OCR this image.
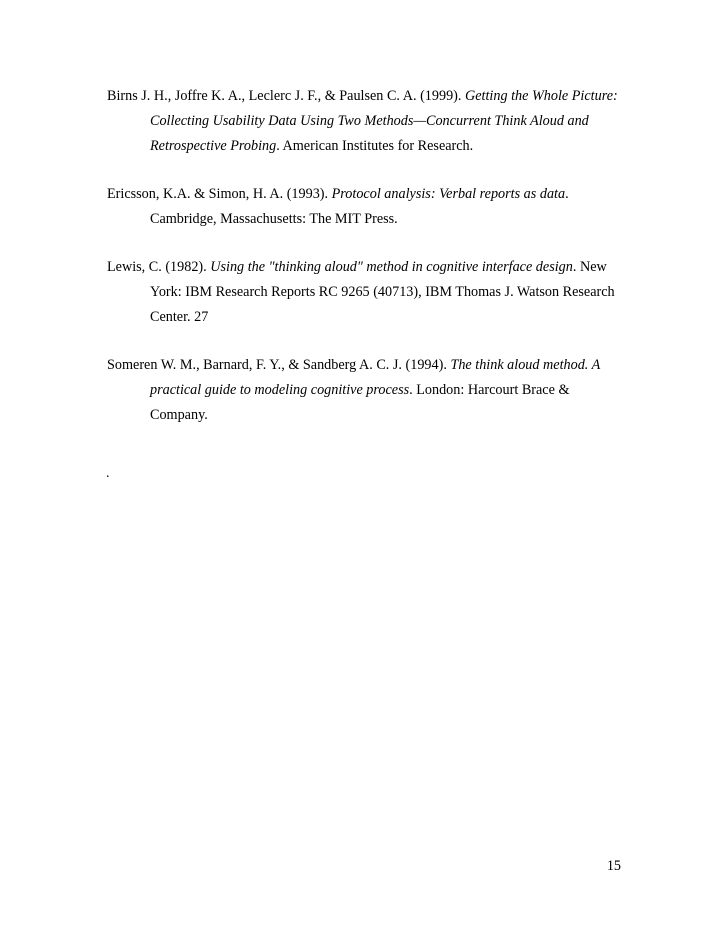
Birns J. H., Joffre K. A., Leclerc J. F., & Paulsen C. A. (1999). Getting the Whole Picture: Collecting Usability Data Using Two Methods—Concurrent Think Aloud and Retrospective Probing. American Institutes for Research.

Ericsson, K.A. & Simon, H. A. (1993). Protocol analysis: Verbal reports as data. Cambridge, Massachusetts: The MIT Press.

Lewis, C. (1982). Using the "thinking aloud" method in cognitive interface design. New York: IBM Research Reports RC 9265 (40713), IBM Thomas J. Watson Research Center. 27

Someren W. M., Barnard, F. Y., & Sandberg A. C. J. (1994). The think aloud method. A practical guide to modeling cognitive process. London: Harcourt Brace & Company.

.
15
